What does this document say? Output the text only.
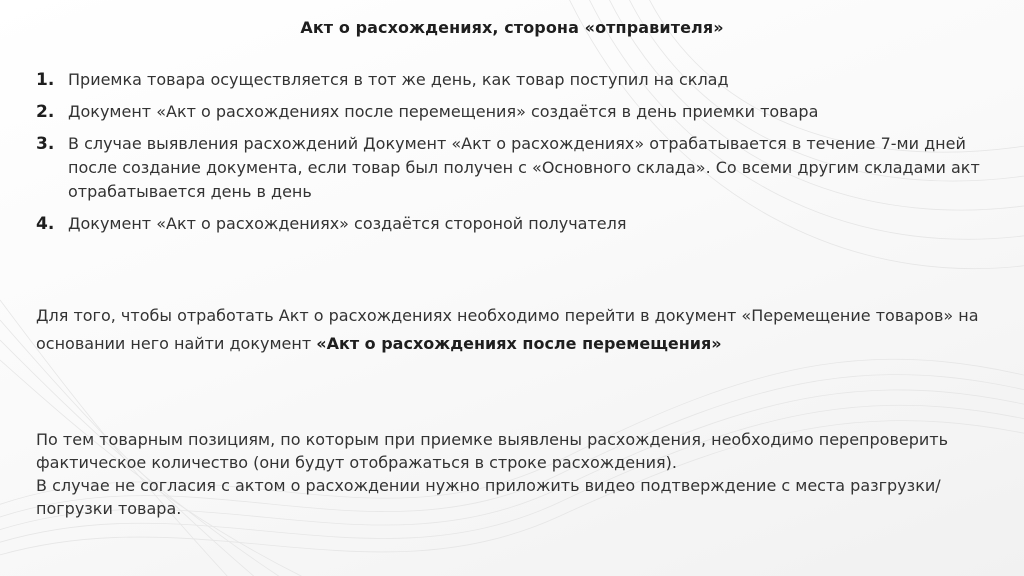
Акт о расхождениях, сторона «отправителя»
1. Приемка товара осуществляется в тот же день, как товар поступил на склад
2. Документ «Акт о расхождениях после перемещения» создаётся в день приемки товара
3. В случае выявления расхождений Документ «Акт о расхождениях» отрабатывается в течение 7-ми дней после создание документа, если товар был получен с «Основного склада». Со всеми другим складами акт отрабатывается день в день
4. Документ «Акт о расхождениях» создаётся стороной получателя

Для того, чтобы отработать Акт о расхождениях необходимо перейти в документ «Перемещение товаров» на основании него найти документ «Акт о расхождениях после перемещения»

По тем товарным позициям, по которым при приемке выявлены расхождения, необходимо перепроверить фактическое количество (они будут отображаться в строке расхождения).
В случае не согласия с актом о расхождении нужно приложить видео подтверждение с места разгрузки/погрузки товара.
